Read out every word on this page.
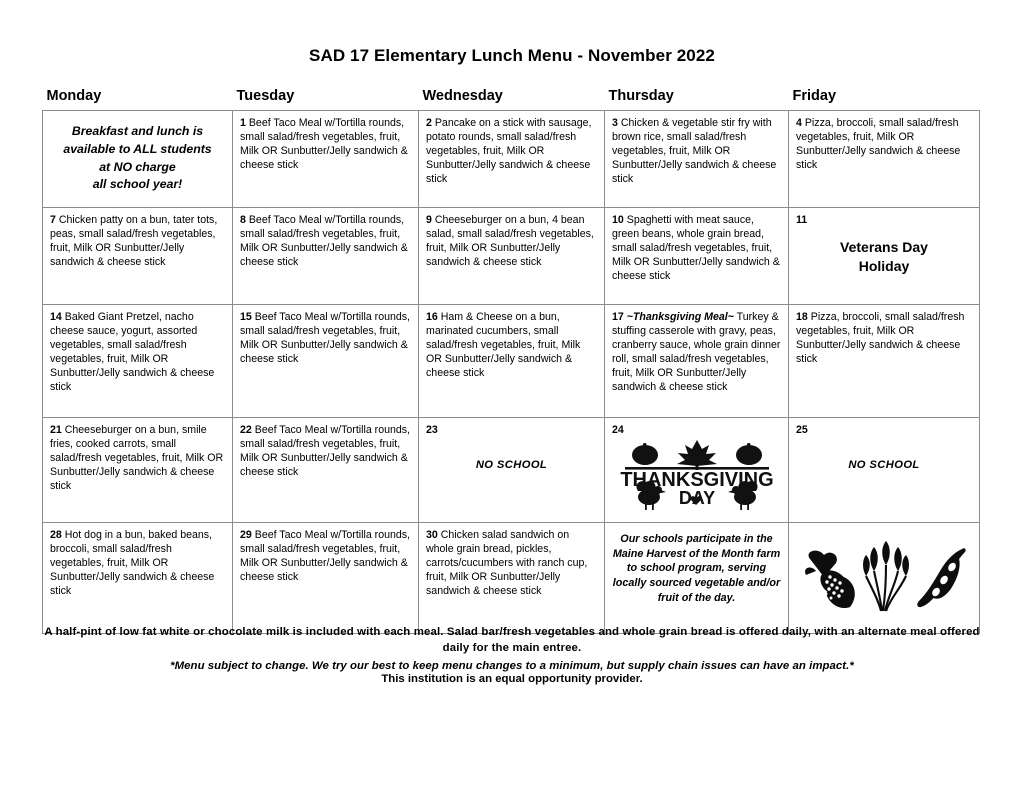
SAD 17 Elementary Lunch Menu - November 2022
Monday	Tuesday	Wednesday	Thursday	Friday

Breakfast and lunch is
available to ALL students
at NO charge
all school year!	1 Beef Taco Meal w/Tortilla rounds, small salad/fresh vegetables, fruit, Milk OR Sunbutter/Jelly sandwich & cheese stick	2 Pancake on a stick with sausage, potato rounds, small salad/fresh vegetables, fruit, Milk OR Sunbutter/Jelly sandwich & cheese stick	3 Chicken & vegetable stir fry with brown rice, small salad/fresh vegetables, fruit, Milk OR Sunbutter/Jelly sandwich & cheese stick	4 Pizza, broccoli, small salad/fresh vegetables, fruit, Milk OR Sunbutter/Jelly sandwich & cheese stick
7 Chicken patty on a bun, tater tots, peas, small salad/fresh vegetables, fruit, Milk OR Sunbutter/Jelly sandwich & cheese stick	8 Beef Taco Meal w/Tortilla rounds, small salad/fresh vegetables, fruit, Milk OR Sunbutter/Jelly sandwich & cheese stick	9 Cheeseburger on a bun, 4 bean salad, small salad/fresh vegetables, fruit, Milk OR Sunbutter/Jelly sandwich & cheese stick	10 Spaghetti with meat sauce, green beans, whole grain bread, small salad/fresh vegetables, fruit, Milk OR Sunbutter/Jelly sandwich & cheese stick	11
Veterans Day
Holiday

14 Baked Giant Pretzel, nacho cheese sauce, yogurt, assorted vegetables, small salad/fresh vegetables, fruit, Milk OR Sunbutter/Jelly sandwich & cheese stick	15 Beef Taco Meal w/Tortilla rounds, small salad/fresh vegetables, fruit, Milk OR Sunbutter/Jelly sandwich & cheese stick	16 Ham & Cheese on a bun, marinated cucumbers, small salad/fresh vegetables, fruit, Milk OR Sunbutter/Jelly sandwich & cheese stick	17 ~Thanksgiving Meal~ Turkey & stuffing casserole with gravy, peas, cranberry sauce, whole grain dinner roll, small salad/fresh vegetables, fruit, Milk OR Sunbutter/Jelly sandwich & cheese stick	18 Pizza, broccoli, small salad/fresh vegetables, fruit, Milk OR Sunbutter/Jelly sandwich & cheese stick
21 Cheeseburger on a bun, smile fries, cooked carrots, small salad/fresh vegetables, fruit, Milk OR Sunbutter/Jelly sandwich & cheese stick	22 Beef Taco Meal w/Tortilla rounds, small salad/fresh vegetables, fruit, Milk OR Sunbutter/Jelly sandwich & cheese stick	23
NO SCHOOL	24
THANKSGIVING
DAY	25
NO SCHOOL

28 Hot dog in a bun, baked beans, broccoli, small salad/fresh vegetables, fruit, Milk OR Sunbutter/Jelly sandwich & cheese stick	29 Beef Taco Meal w/Tortilla rounds, small salad/fresh vegetables, fruit, Milk OR Sunbutter/Jelly sandwich & cheese stick	30 Chicken salad sandwich on whole grain bread, pickles, carrots/cucumbers with ranch cup, fruit, Milk OR Sunbutter/Jelly sandwich & cheese stick	Our schools participate in the Maine Harvest of the Month farm to school program, serving locally sourced vegetable and/or fruit of the day.

A half-pint of low fat white or chocolate milk is included with each meal. Salad bar/fresh vegetables and whole grain bread is offered daily, with an alternate meal offered daily for the main entree.
*Menu subject to change. We try our best to keep menu changes to a minimum, but supply chain issues can have an impact.*
This institution is an equal opportunity provider.
